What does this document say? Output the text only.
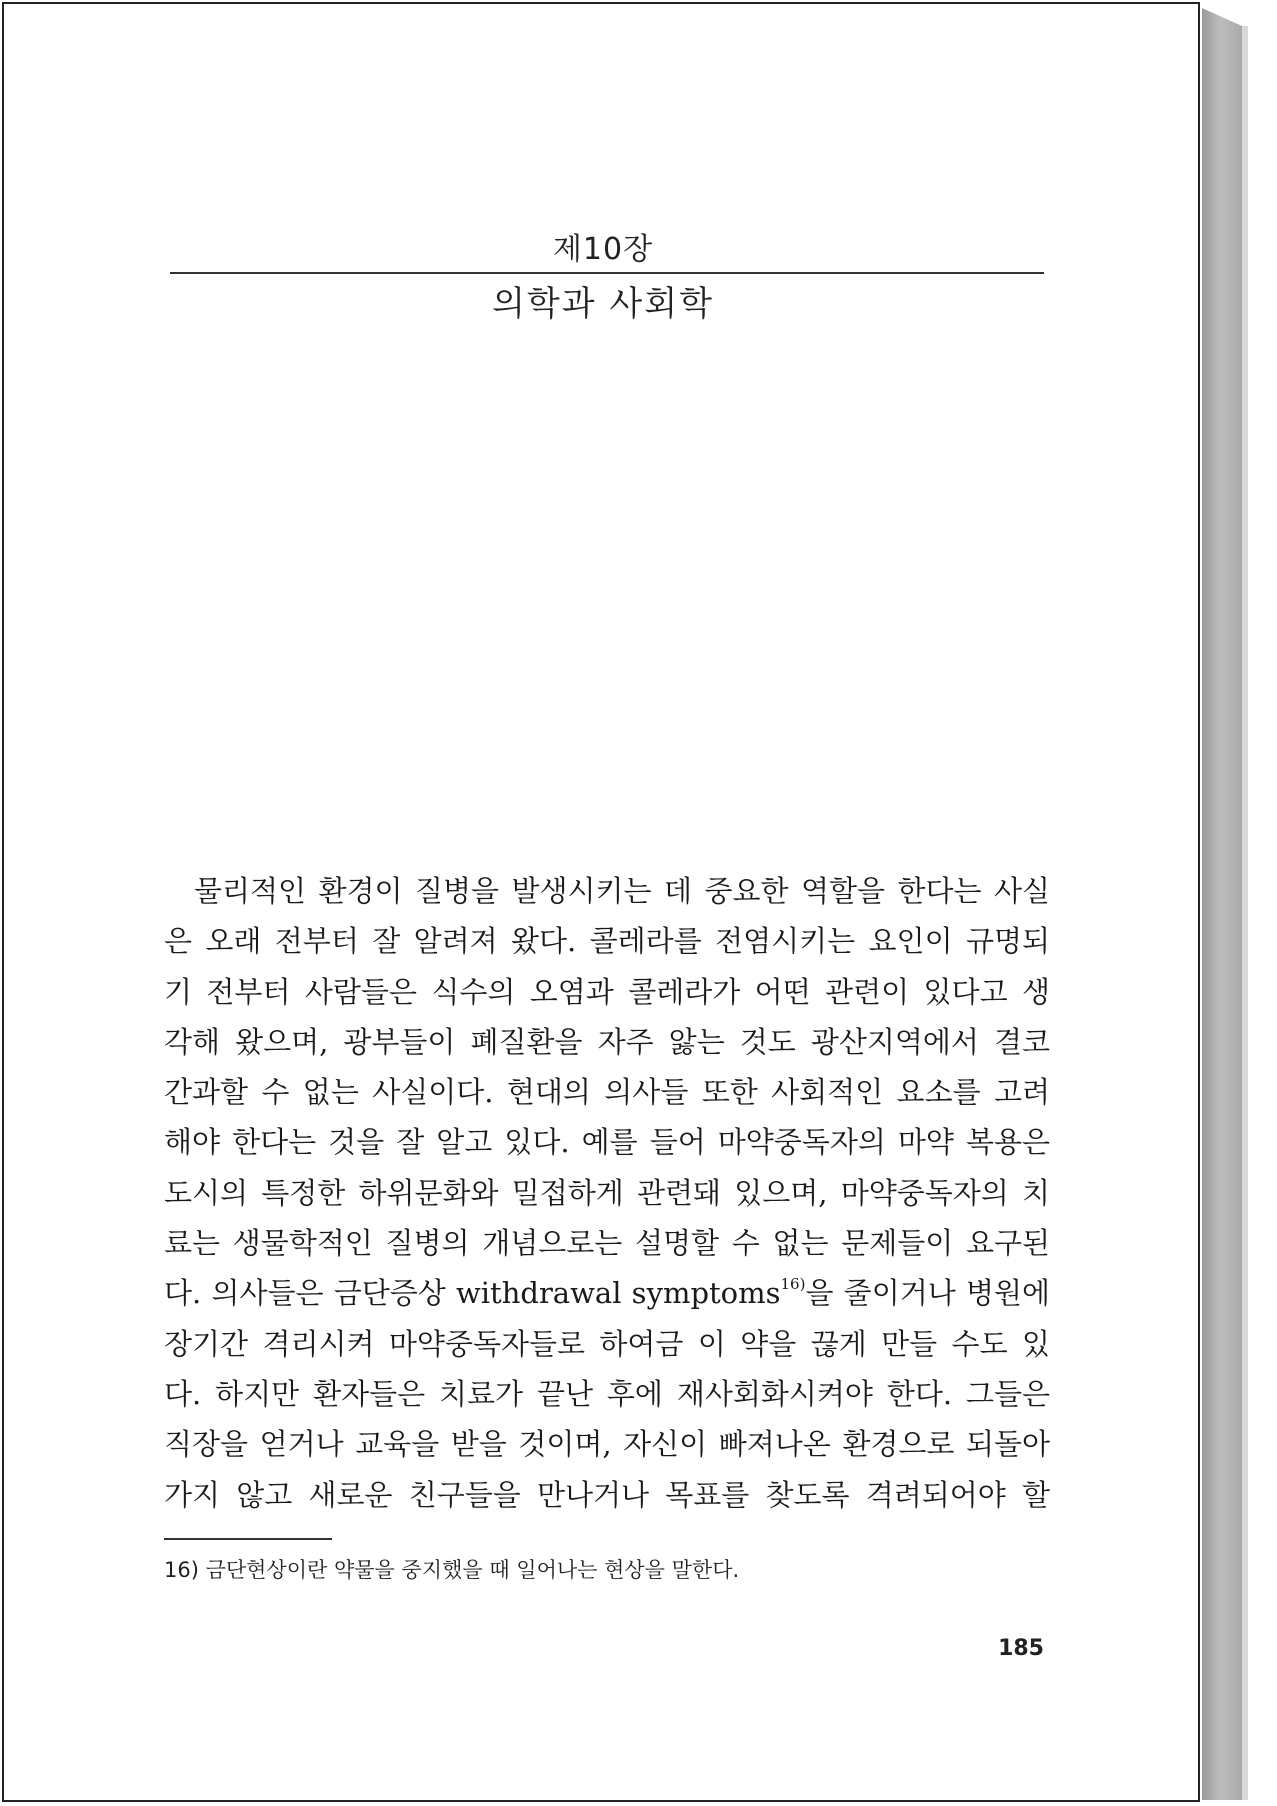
제10장
의학과 사회학
물리적인 환경이 질병을 발생시키는 데 중요한 역할을 한다는 사실
은 오래 전부터 잘 알려져 왔다. 콜레라를 전염시키는 요인이 규명되
기 전부터 사람들은 식수의 오염과 콜레라가 어떤 관련이 있다고 생
각해 왔으며, 광부들이 폐질환을 자주 앓는 것도 광산지역에서 결코
간과할 수 없는 사실이다. 현대의 의사들 또한 사회적인 요소를 고려
해야 한다는 것을 잘 알고 있다. 예를 들어 마약중독자의 마약 복용은
도시의 특정한 하위문화와 밀접하게 관련돼 있으며, 마약중독자의 치
료는 생물학적인 질병의 개념으로는 설명할 수 없는 문제들이 요구된
다. 의사들은 금단증상 withdrawal symptoms$^{16)}$을 줄이거나 병원에
장기간 격리시켜 마약중독자들로 하여금 이 약을 끊게 만들 수도 있
다. 하지만 환자들은 치료가 끝난 후에 재사회화시켜야 한다. 그들은
직장을 얻거나 교육을 받을 것이며, 자신이 빠져나온 환경으로 되돌아
가지 않고 새로운 친구들을 만나거나 목표를 찾도록 격려되어야 할
16) 금단현상이란 약물을 중지했을 때 일어나는 현상을 말한다.
185
